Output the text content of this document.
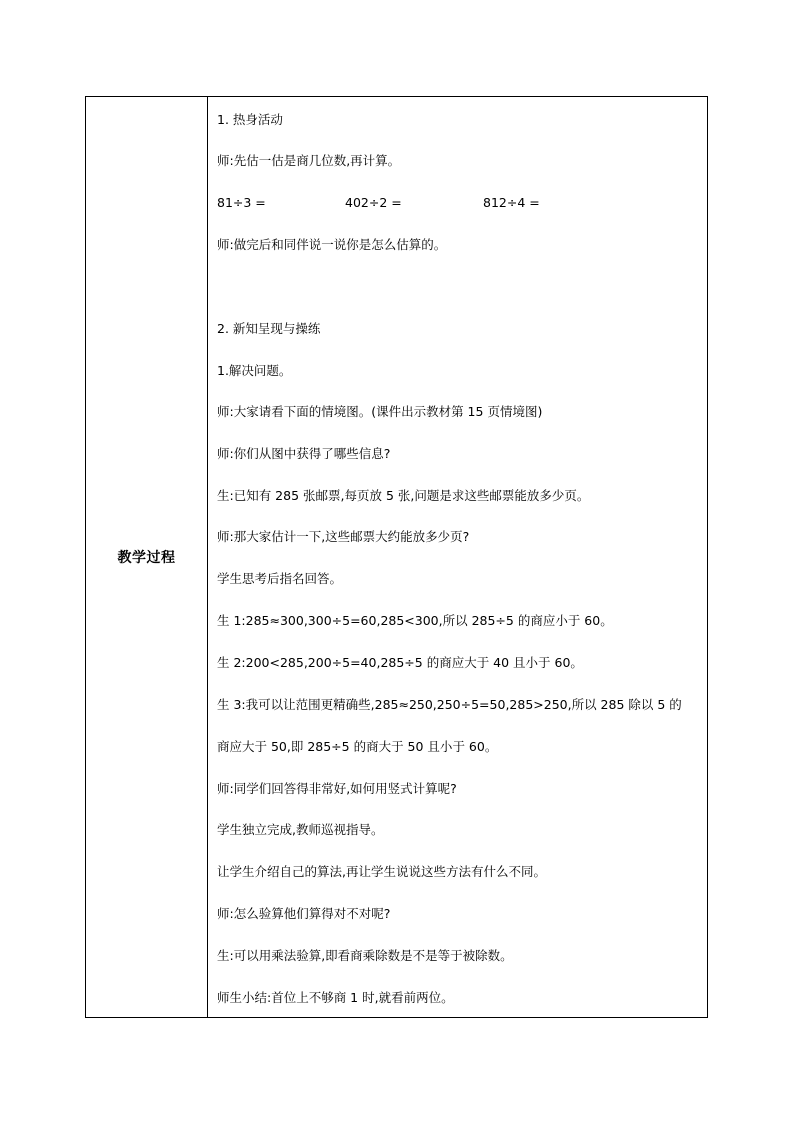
教学过程
1. 热身活动
师:先估一估是商几位数,再计算。
81÷3 =	402÷2 =	812÷4 =
师:做完后和同伴说一说你是怎么估算的。
2. 新知呈现与操练
1.解决问题。
师:大家请看下面的情境图。(课件出示教材第 15 页情境图)
师:你们从图中获得了哪些信息?
生:已知有 285 张邮票,每页放 5 张,问题是求这些邮票能放多少页。
师:那大家估计一下,这些邮票大约能放多少页?
学生思考后指名回答。
生 1:285≈300,300÷5=60,285<300,所以 285÷5 的商应小于 60。
生 2:200<285,200÷5=40,285÷5 的商应大于 40 且小于 60。
生 3:我可以让范围更精确些,285≈250,250÷5=50,285>250,所以 285 除以 5 的
商应大于 50,即 285÷5 的商大于 50 且小于 60。
师:同学们回答得非常好,如何用竖式计算呢?
学生独立完成,教师巡视指导。
让学生介绍自己的算法,再让学生说说这些方法有什么不同。
师:怎么验算他们算得对不对呢?
生:可以用乘法验算,即看商乘除数是不是等于被除数。
师生小结:首位上不够商 1 时,就看前两位。
